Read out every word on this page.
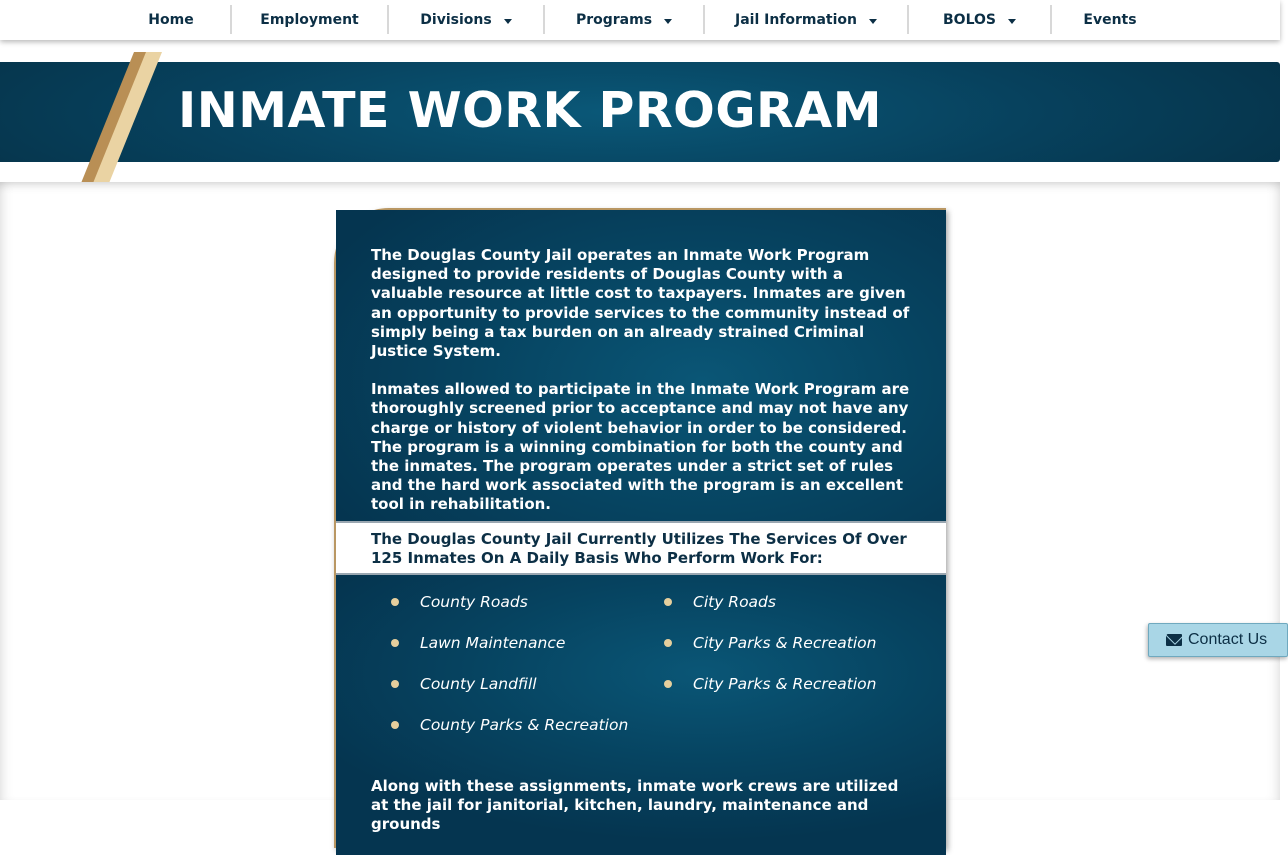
Home	Employment	Divisions	Programs	Jail Information	BOLOS	Events
INMATE WORK PROGRAM

The Douglas County Jail operates an Inmate Work Program designed to provide residents of Douglas County with a valuable resource at little cost to taxpayers. Inmates are given an opportunity to provide services to the community instead of simply being a tax burden on an already strained Criminal Justice System.

Inmates allowed to participate in the Inmate Work Program are thoroughly screened prior to acceptance and may not have any charge or history of violent behavior in order to be considered. The program is a winning combination for both the county and the inmates. The program operates under a strict set of rules and the hard work associated with the program is an excellent tool in rehabilitation.

The Douglas County Jail Currently Utilizes The Services Of Over 125 Inmates On A Daily Basis Who Perform Work For:
County Roads
Lawn Maintenance
County Landfill
County Parks & Recreation
City Roads
City Parks & Recreation
City Parks & Recreation

Along with these assignments, inmate work crews are utilized at the jail for janitorial, kitchen, laundry, maintenance and grounds

Contact Us
